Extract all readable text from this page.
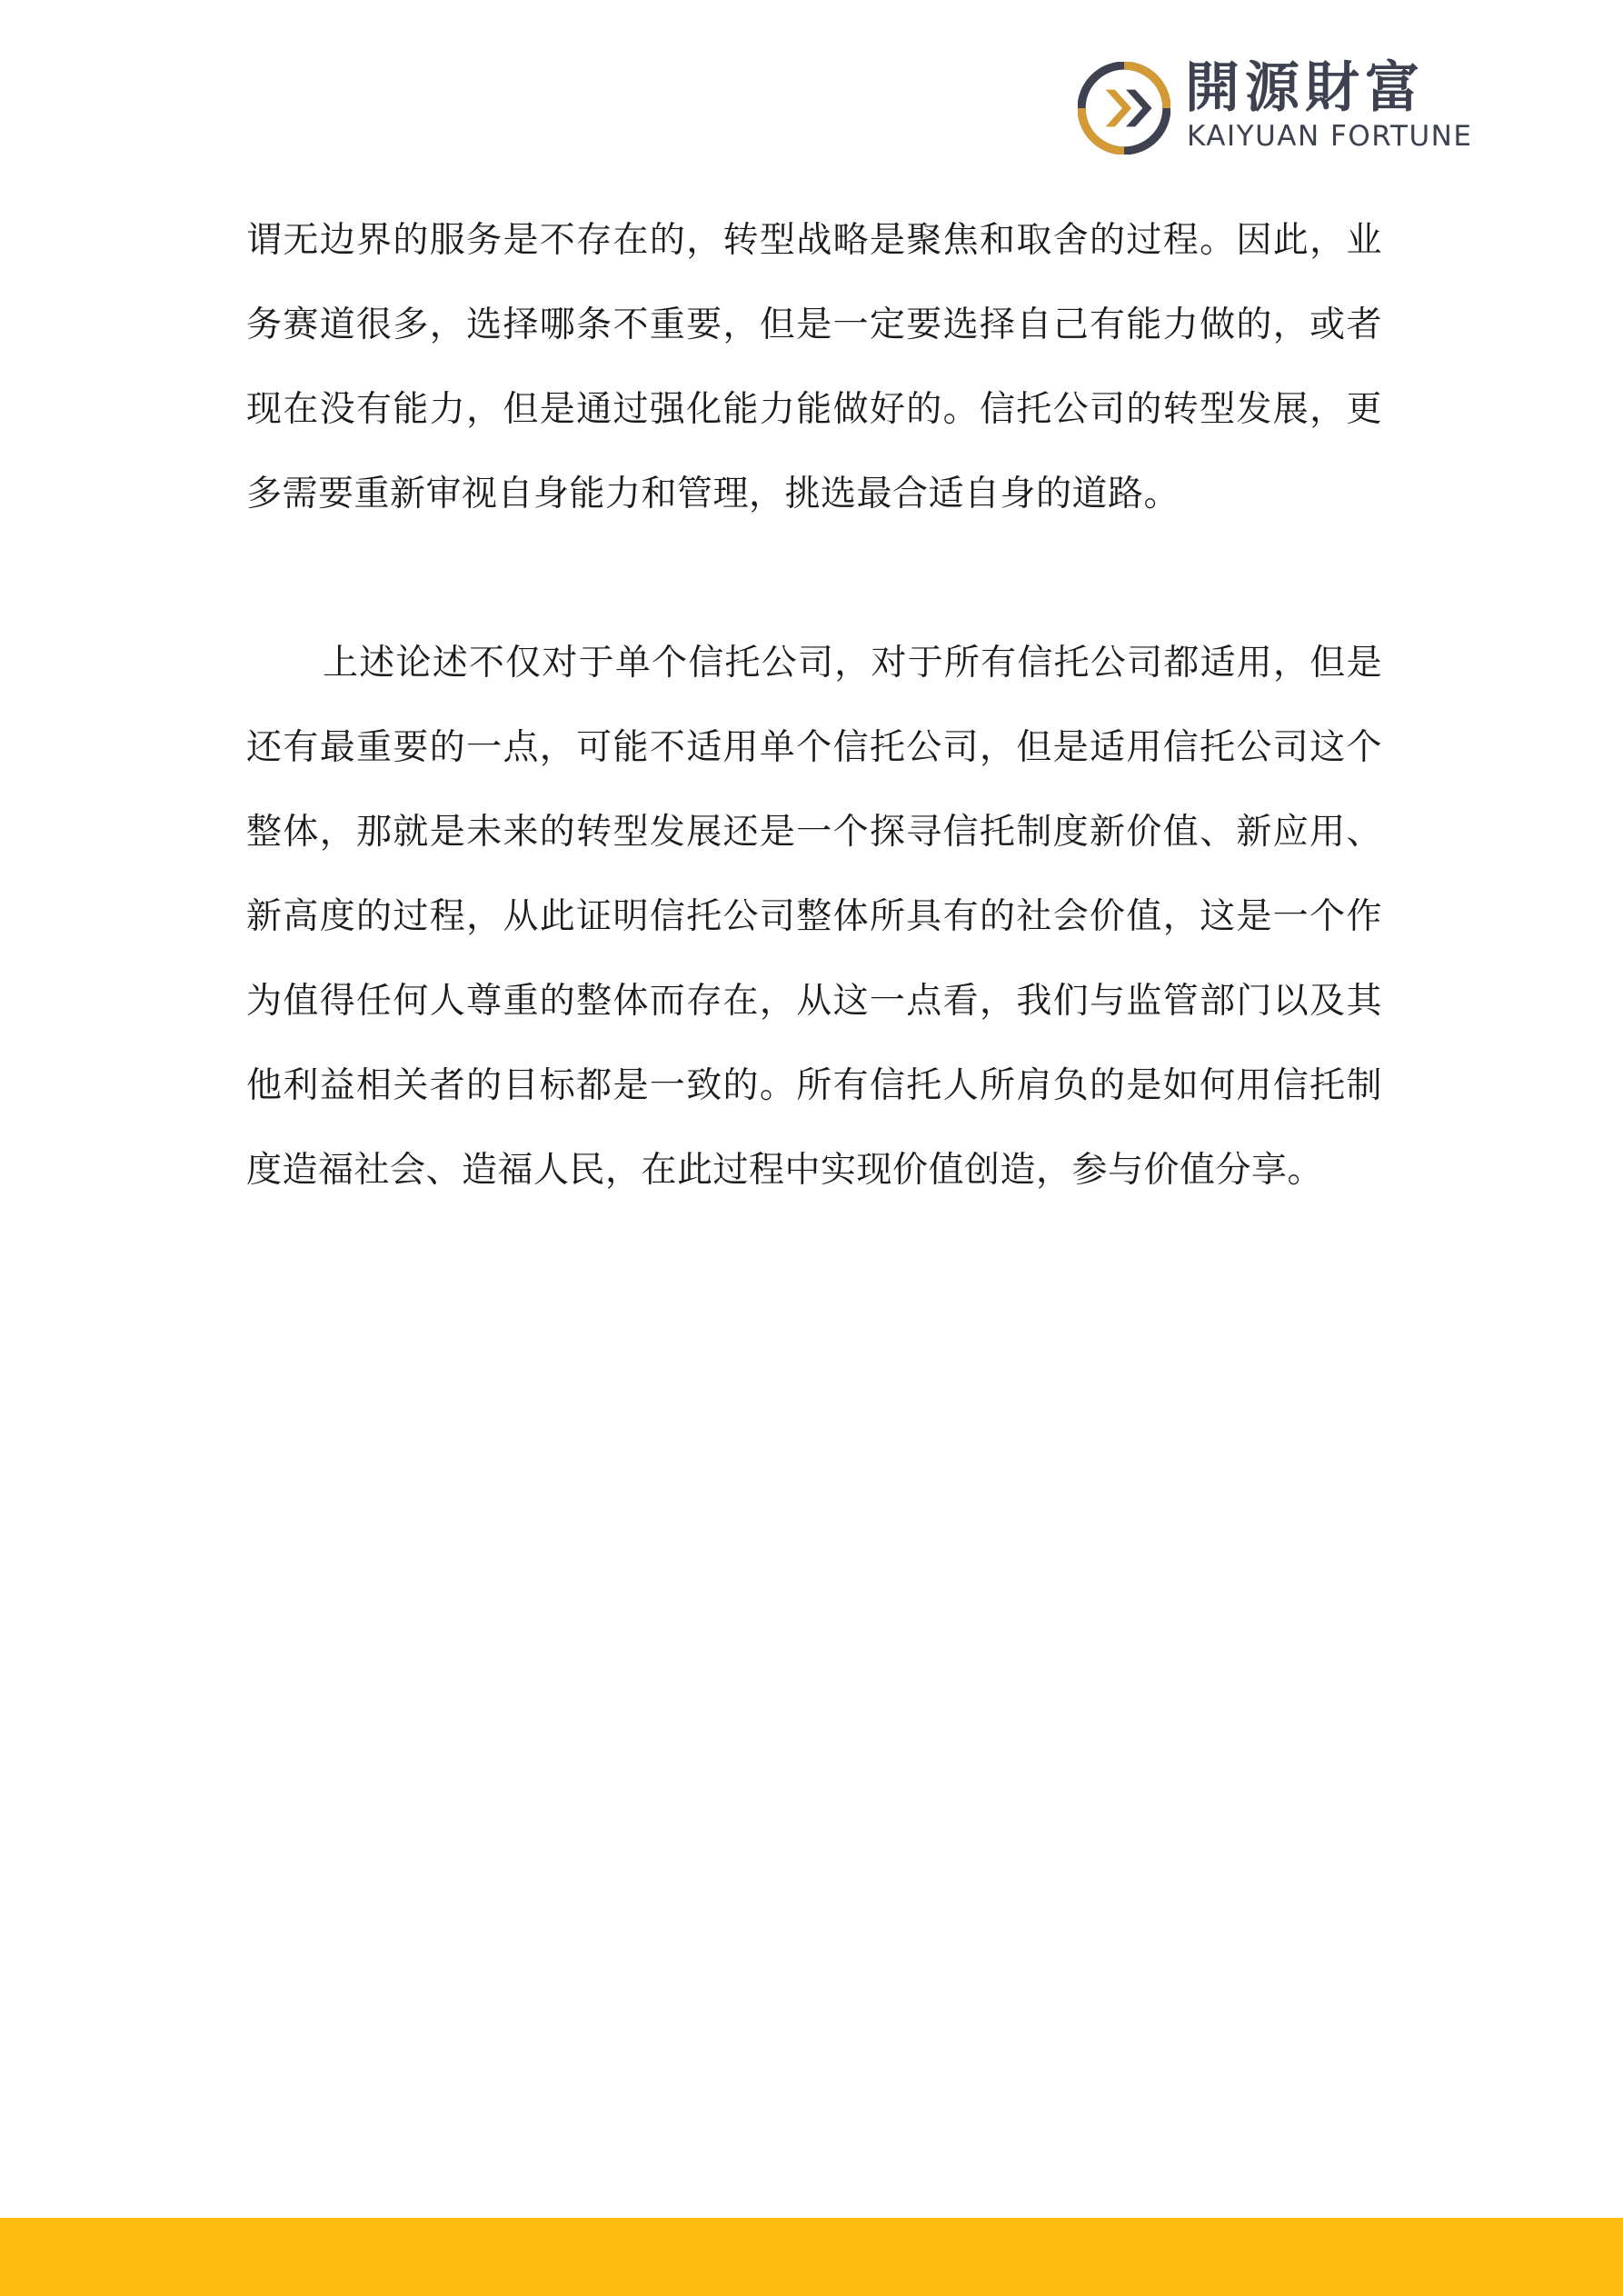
開源財富
KAIYUAN FORTUNE

谓无边界的服务是不存在的，转型战略是聚焦和取舍的过程。因此，业务赛道很多，选择哪条不重要，但是一定要选择自己有能力做的，或者现在没有能力，但是通过强化能力能做好的。信托公司的转型发展，更多需要重新审视自身能力和管理，挑选最合适自身的道路。

上述论述不仅对于单个信托公司，对于所有信托公司都适用，但是还有最重要的一点，可能不适用单个信托公司，但是适用信托公司这个整体，那就是未来的转型发展还是一个探寻信托制度新价值、新应用、新高度的过程，从此证明信托公司整体所具有的社会价值，这是一个作为值得任何人尊重的整体而存在，从这一点看，我们与监管部门以及其他利益相关者的目标都是一致的。所有信托人所肩负的是如何用信托制度造福社会、造福人民，在此过程中实现价值创造，参与价值分享。
